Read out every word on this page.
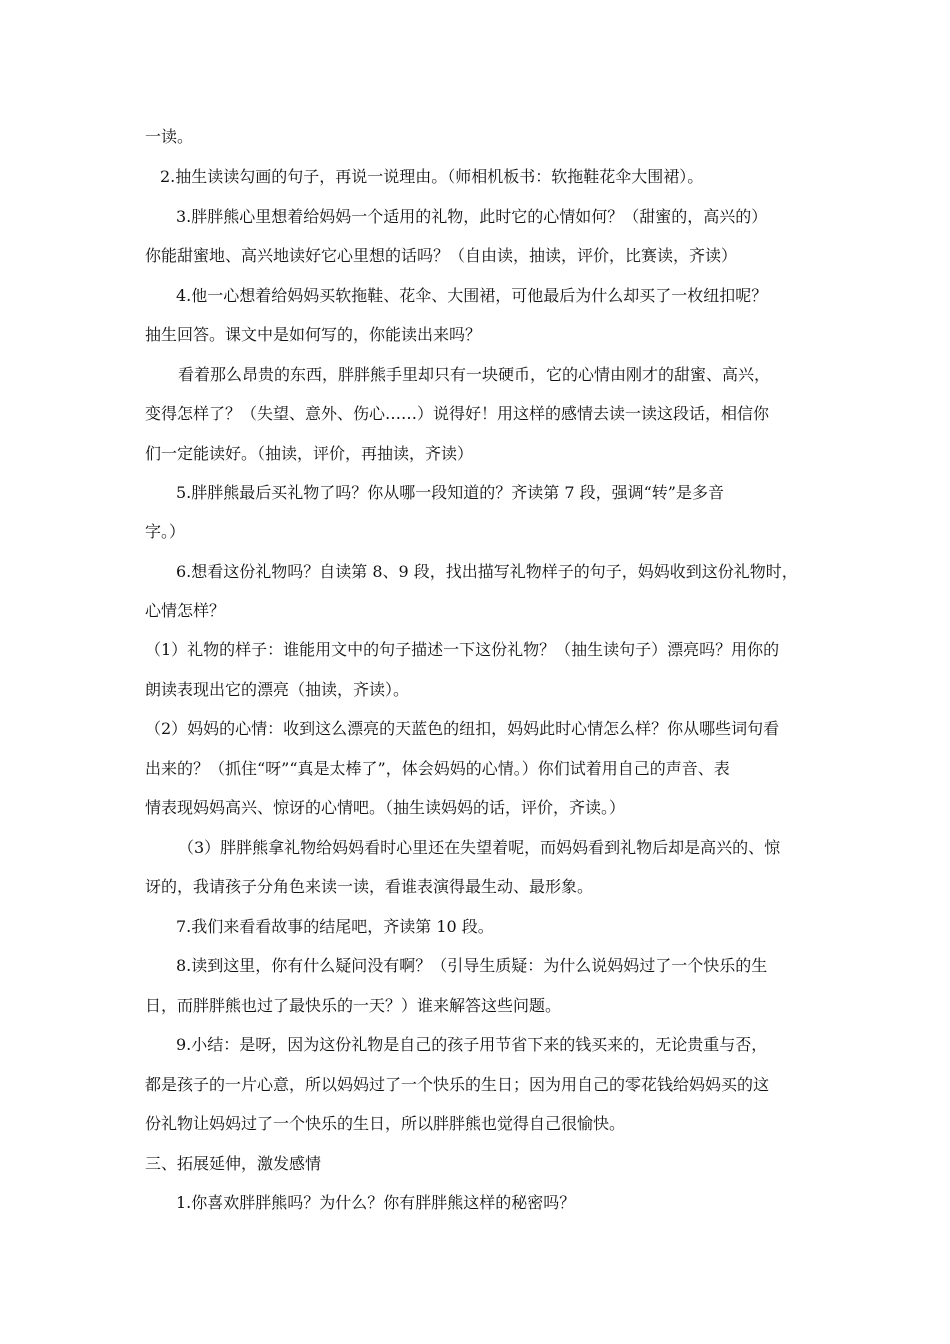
一读。
2.抽生读读勾画的句子，再说一说理由。（师相机板书：软拖鞋花伞大围裙）。
3.胖胖熊心里想着给妈妈一个适用的礼物，此时它的心情如何？（甜蜜的，高兴的）
你能甜蜜地、高兴地读好它心里想的话吗？（自由读，抽读，评价，比赛读，齐读）
4.他一心想着给妈妈买软拖鞋、花伞、大围裙，可他最后为什么却买了一枚纽扣呢？
抽生回答。课文中是如何写的，你能读出来吗？
看着那么昂贵的东西，胖胖熊手里却只有一块硬币，它的心情由刚才的甜蜜、高兴，
变得怎样了？（失望、意外、伤心……）说得好！用这样的感情去读一读这段话，相信你
们一定能读好。（抽读，评价，再抽读，齐读）
5.胖胖熊最后买礼物了吗？你从哪一段知道的？齐读第 7 段，强调“转”是多音
字。）
6.想看这份礼物吗？自读第 8、9 段，找出描写礼物样子的句子，妈妈收到这份礼物时，
心情怎样？
（1）礼物的样子：谁能用文中的句子描述一下这份礼物？（抽生读句子）漂亮吗？用你的
朗读表现出它的漂亮（抽读，齐读）。
（2）妈妈的心情：收到这么漂亮的天蓝色的纽扣，妈妈此时心情怎么样？你从哪些词句看
出来的？（抓住“呀”“真是太棒了”，体会妈妈的心情。）你们试着用自己的声音、表
情表现妈妈高兴、惊讶的心情吧。（抽生读妈妈的话，评价，齐读。）
（3）胖胖熊拿礼物给妈妈看时心里还在失望着呢，而妈妈看到礼物后却是高兴的、惊
讶的，我请孩子分角色来读一读，看谁表演得最生动、最形象。
7.我们来看看故事的结尾吧，齐读第 10 段。
8.读到这里，你有什么疑问没有啊？（引导生质疑：为什么说妈妈过了一个快乐的生
日，而胖胖熊也过了最快乐的一天？）谁来解答这些问题。
9.小结：是呀，因为这份礼物是自己的孩子用节省下来的钱买来的，无论贵重与否，
都是孩子的一片心意，所以妈妈过了一个快乐的生日；因为用自己的零花钱给妈妈买的这
份礼物让妈妈过了一个快乐的生日，所以胖胖熊也觉得自己很愉快。
三、拓展延伸，激发感情
1.你喜欢胖胖熊吗？为什么？你有胖胖熊这样的秘密吗？
